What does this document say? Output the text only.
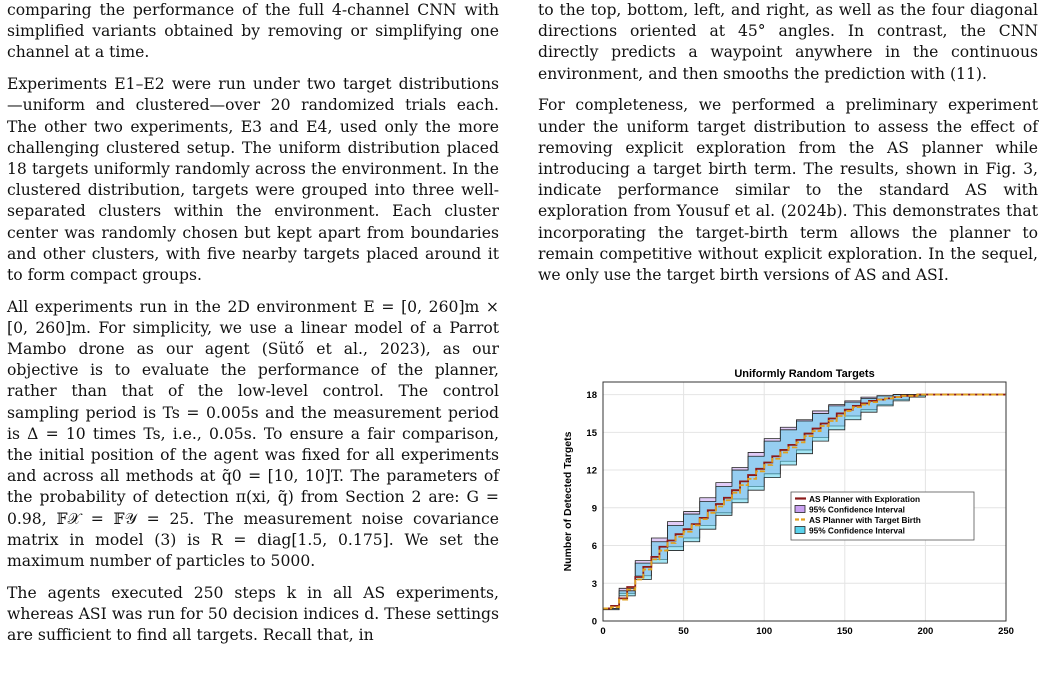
comparing the performance of the full 4-channel CNN with simplified variants obtained by removing or simplifying one channel at a time.

Experiments E1–E2 were run under two target distributions—uniform and clustered—over 20 randomized trials each. The other two experiments, E3 and E4, used only the more challenging clustered setup. The uniform distribution placed 18 targets uniformly randomly across the environment. In the clustered distribution, targets were grouped into three well-separated clusters within the environment. Each cluster center was randomly chosen but kept apart from boundaries and other clusters, with five nearby targets placed around it to form compact groups.

All experiments run in the 2D environment E = [0, 260]m × [0, 260]m. For simplicity, we use a linear model of a Parrot Mambo drone as our agent (Sütő et al., 2023), as our objective is to evaluate the performance of the planner, rather than that of the low-level control. The control sampling period is Ts = 0.005s and the measurement period is Δ = 10 times Ts, i.e., 0.05s. To ensure a fair comparison, the initial position of the agent was fixed for all experiments and across all methods at q̃0 = [10, 10]T. The parameters of the probability of detection π(xi, q̃) from Section 2 are: G = 0.98, 𝔽𝒳 = 𝔽𝒴 = 25. The measurement noise covariance matrix in model (3) is R = diag[1.5, 0.175]. We set the maximum number of particles to 5000.

The agents executed 250 steps k in all AS experiments, whereas ASI was run for 50 decision indices d. These settings are sufficient to find all targets. Recall that, in

to the top, bottom, left, and right, as well as the four diagonal directions oriented at 45° angles. In contrast, the CNN directly predicts a waypoint anywhere in the continuous environment, and then smooths the prediction with (11).

For completeness, we performed a preliminary experiment under the uniform target distribution to assess the effect of removing explicit exploration from the AS planner while introducing a target birth term. The results, shown in Fig. 3, indicate performance similar to the standard AS with exploration from Yousuf et al. (2024b). This demonstrates that incorporating the target-birth term allows the planner to remain competitive without explicit exploration. In the sequel, we only use the target birth versions of AS and ASI.

0	50	100	150	200	250
0
3
6
9
12
15
18
Uniformly Random Targets
Number of Detected Targets	AS Planner with Exploration
95% Confidence Interval
AS Planner with Target Birth
95% Confidence Interval
